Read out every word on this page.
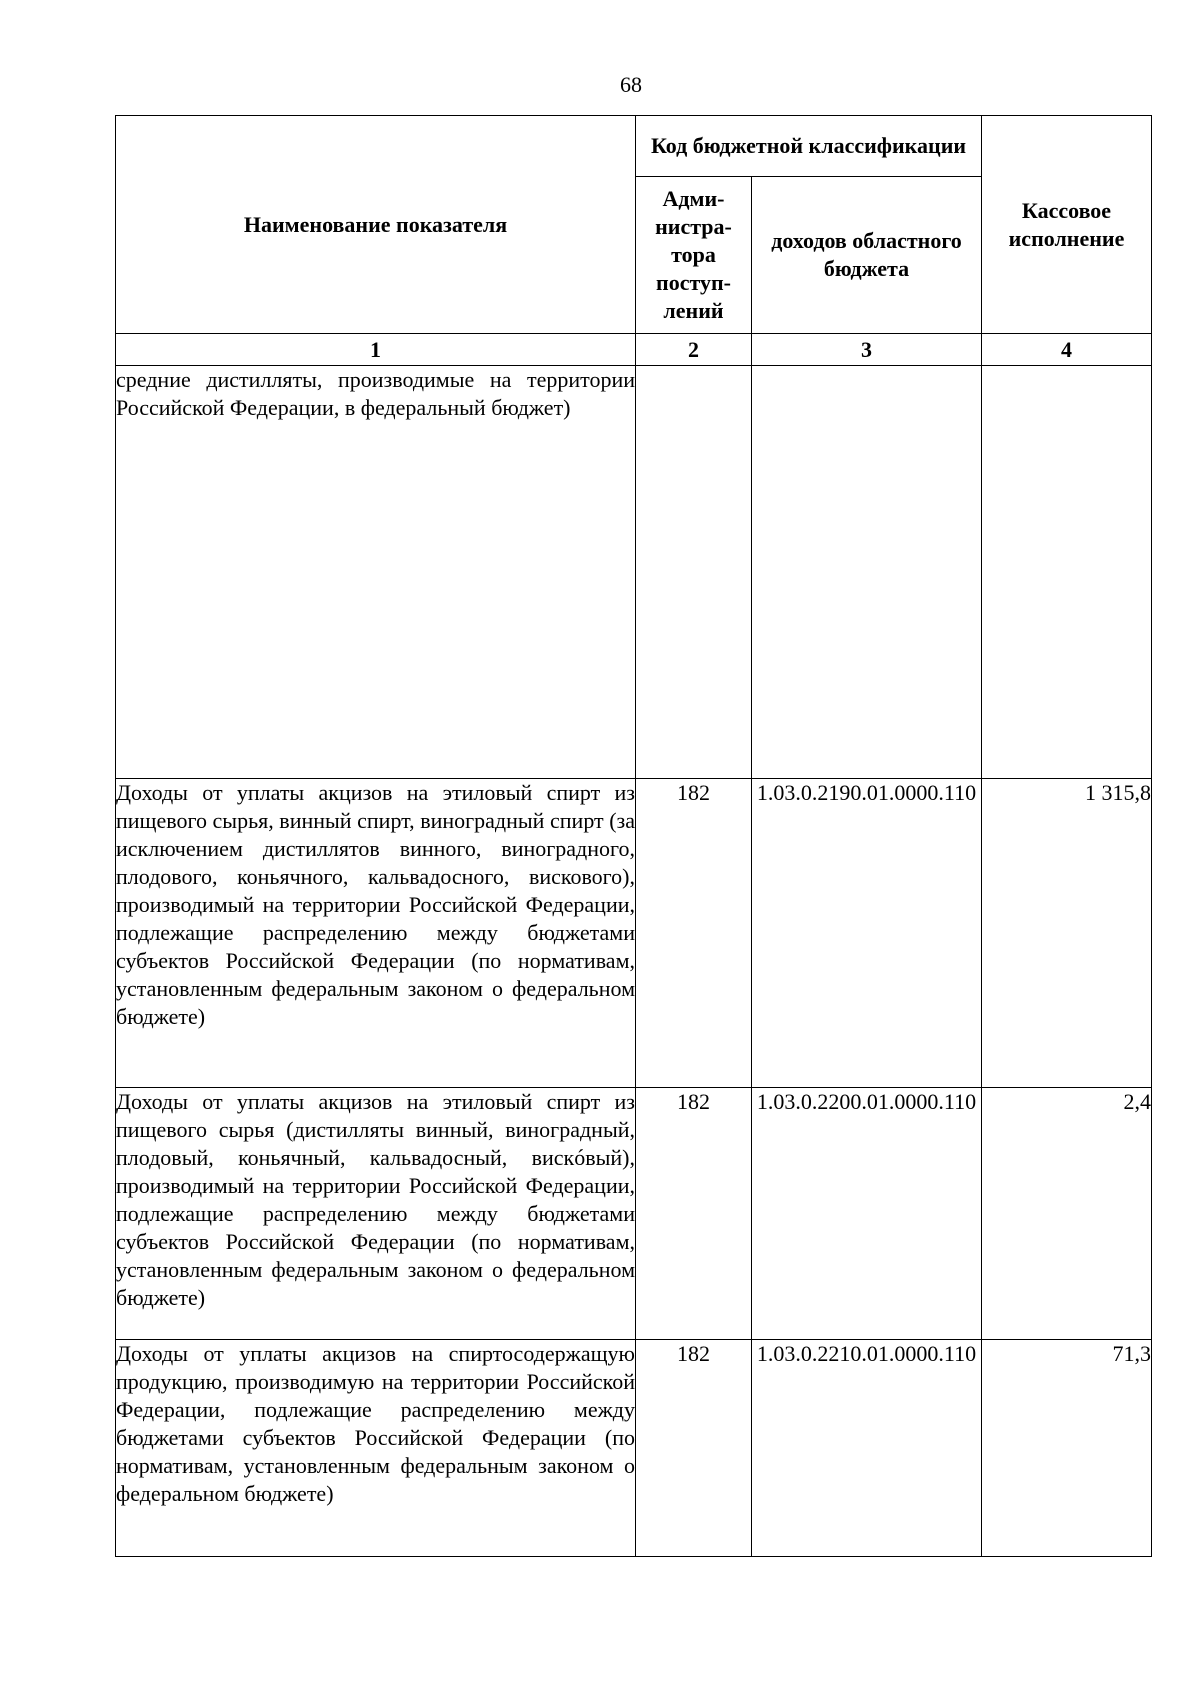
68
Наименование показателя	Код бюджетной классификации		Кассовое исполнение
	Адми-нистра-тора поступ-лений	доходов областного бюджета	
1	2	3	4
средние дистилляты, производимые на территории Российской Федерации, в федеральный бюджет)			
Доходы от уплаты акцизов на этиловый спирт из пищевого сырья, винный спирт, виноградный спирт (за исключением дистиллятов винного, виноградного, плодового, коньячного, кальвадосного, вискового), производимый на территории Российской Федерации, подлежащие распределению между бюджетами субъектов Российской Федерации (по нормативам, установленным федеральным законом о федеральном бюджете)	182	1.03.0.2190.01.0000.110	1 315,8
Доходы от уплаты акцизов на этиловый спирт из пищевого сырья (дистилляты винный, виноградный, плодовый, коньячный, кальвадосный, вискóвый), производимый на территории Российской Федерации, подлежащие распределению между бюджетами субъектов Российской Федерации (по нормативам, установленным федеральным законом о федеральном бюджете)	182	1.03.0.2200.01.0000.110	2,4
Доходы от уплаты акцизов на спиртосодержащую продукцию, производимую на территории Российской Федерации, подлежащие распределению между бюджетами субъектов Российской Федерации (по нормативам, установленным федеральным законом о федеральном бюджете)	182	1.03.0.2210.01.0000.110	71,3
